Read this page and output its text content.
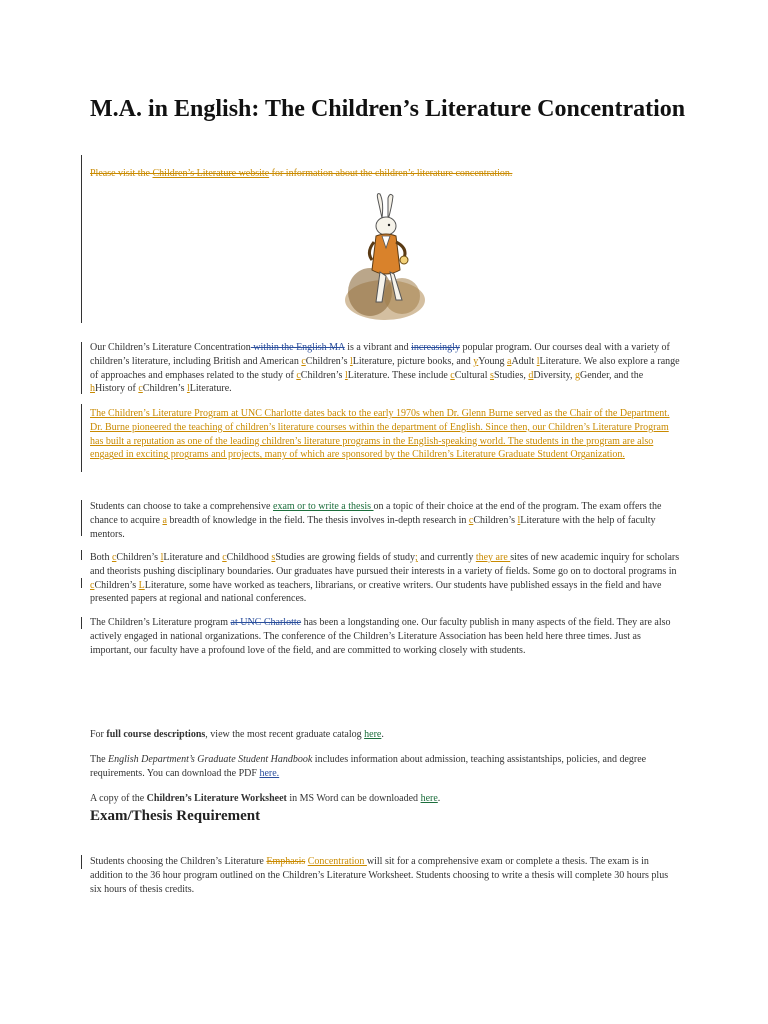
M.A. in English: The Children’s Literature Concentration
Please visit the Children’s Literature website for information about the children’s literature concentration.
Our Children’s Literature Concentration within the English MA is a vibrant and increasingly popular program. Our courses deal with a variety of children’s literature, including British and American cChildren’s lLiterature, picture books, and yYoung aAdult lLiterature. We also explore a range of approaches and emphases related to the study of cChildren’s lLiterature. These include cCultural sStudies, dDiversity, gGender, and the hHistory of cChildren’s lLiterature.
The Children’s Literature Program at UNC Charlotte dates back to the early 1970s when Dr. Glenn Burne served as the Chair of the Department. Dr. Burne pioneered the teaching of children’s literature courses within the department of English. Since then, our Children’s Literature Program has built a reputation as one of the leading children’s literature programs in the English-speaking world. The students in the program are also engaged in exciting programs and projects, many of which are sponsored by the Children’s Literature Graduate Student Organization.
Students can choose to take a comprehensive exam or to write a thesis on a topic of their choice at the end of the program. The exam offers the chance to acquire a breadth of knowledge in the field. The thesis involves in-depth research in cChildren’s lLiterature with the help of faculty mentors.
Both cChildren’s lLiterature and cChildhood sStudies are growing fields of study; and currently they are sites of new academic inquiry for scholars and theorists pushing disciplinary boundaries. Our graduates have pursued their interests in a variety of fields. Some go on to doctoral programs in cChildren’s LLiterature, some have worked as teachers, librarians, or creative writers. Our students have published essays in the field and have presented papers at regional and national conferences.
The Children’s Literature program at UNC Charlotte has been a longstanding one. Our faculty publish in many aspects of the field. They are also actively engaged in national organizations. The conference of the Children’s Literature Association has been held here three times. Just as important, our faculty have a profound love of the field, and are committed to working closely with students.
For full course descriptions, view the most recent graduate catalog here.
The English Department’s Graduate Student Handbook includes information about admission, teaching assistantships, policies, and degree requirements. You can download the PDF here.
A copy of the Children’s Literature Worksheet in MS Word can be downloaded here.
Exam/Thesis Requirement
Students choosing the Children’s Literature Emphasis Concentration will sit for a comprehensive exam or complete a thesis. The exam is in addition to the 36 hour program outlined on the Children’s Literature Worksheet. Students choosing to write a thesis will complete 30 hours plus six hours of thesis credits.
